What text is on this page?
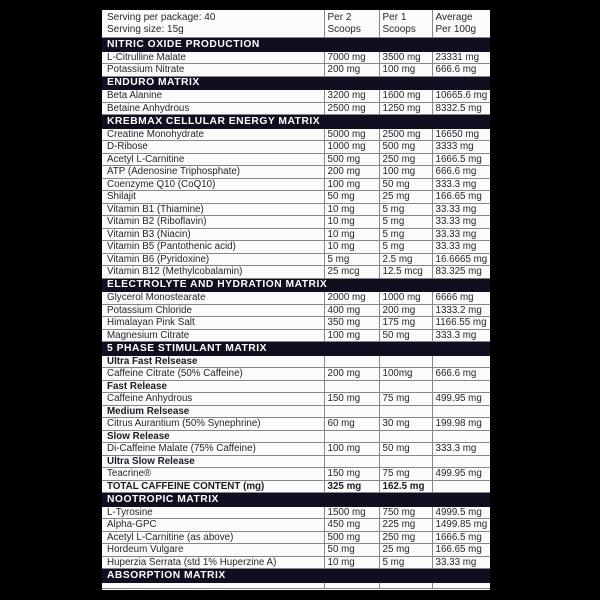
Serving per package: 40
Serving size: 15g	Per 2 Scoops	Per 1 Scoops	Average Per 100g
NITRIC OXIDE PRODUCTION			
L-Citrulline Malate	7000 mg	3500 mg	23331 mg
Potassium Nitrate	200 mg	100 mg	666.6 mg
ENDURO MATRIX			
Beta Alanine	3200 mg	1600 mg	10665.6 mg
Betaine Anhydrous	2500 mg	1250 mg	8332.5 mg
KREBMAX CELLULAR ENERGY MATRIX			
Creatine Monohydrate	5000 mg	2500 mg	16650 mg
D-Ribose	1000 mg	500 mg	3333 mg
Acetyl L-Carnitine	500 mg	250 mg	1666.5 mg
ATP (Adenosine Triphosphate)	200 mg	100 mg	666.6 mg
Coenzyme Q10 (CoQ10)	100 mg	50 mg	333.3 mg
Shilajit	50 mg	25 mg	166.65 mg
Vitamin B1 (Thiamine)	10 mg	5 mg	33.33 mg
Vitamin B2 (Riboflavin)	10 mg	5 mg	33.33 mg
Vitamin B3 (Niacin)	10 mg	5 mg	33.33 mg
Vitamin B5 (Pantothenic acid)	10 mg	5 mg	33.33 mg
Vitamin B6 (Pyridoxine)	5 mg	2.5 mg	16.6665 mg
Vitamin B12 (Methylcobalamin)	25 mcg	12.5 mcg	83.325 mg
ELECTROLYTE AND HYDRATION MATRIX			
Glycerol Monostearate	2000 mg	1000 mg	6666 mg
Potassium Chloride	400 mg	200 mg	1333.2 mg
Himalayan Pink Salt	350 mg	175 mg	1166.55 mg
Magnesium Citrate	100 mg	50 mg	333.3 mg
5 PHASE STIMULANT MATRIX			
Ultra Fast Relsease			
Caffeine Citrate (50% Caffeine)	200 mg	100mg	666.6 mg
Fast Release			
Caffeine Anhydrous	150 mg	75 mg	499.95 mg
Medium Relsease			
Citrus Aurantium (50% Synephrine)	60 mg	30 mg	199.98 mg
Slow Release			
Di-Caffeine Malate (75% Caffeine)	100 mg	50 mg	333.3 mg
Ultra Slow Release			
Teacrine®	150 mg	75 mg	499.95 mg
TOTAL CAFFEINE CONTENT (mg)	325 mg	162.5 mg	
NOOTROPIC MATRIX			
L-Tyrosine	1500 mg	750 mg	4999.5 mg
Alpha-GPC	450 mg	225 mg	1499.85 mg
Acetyl L-Carnitine (as above)	500 mg	250 mg	1666.5 mg
Hordeum Vulgare	50 mg	25 mg	166.65 mg
Huperzia Serrata (std 1% Huperzine A)	10 mg	5 mg	33.33 mg
ABSORPTION MATRIX			
